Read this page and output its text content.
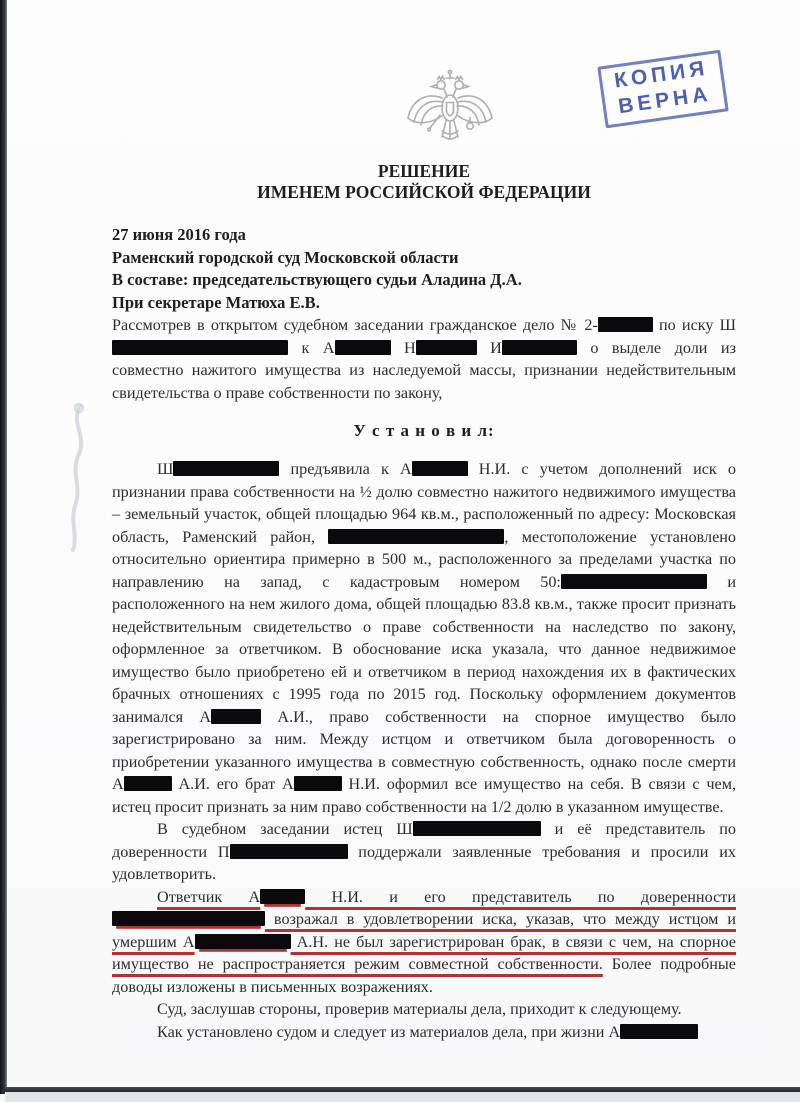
КОПИЯ
ВЕРНА
РЕШЕНИЕ
ИМЕНЕМ РОССИЙСКОЙ ФЕДЕРАЦИИ

27 июня 2016 года

Раменский городской суд Московской области

В составе: председательствующего судьи Аладина Д.А.

При секретаре Матюха Е.В.

Рассмотрев в открытом судебном заседании гражданское дело № 2-	по иску Ш к А	Н	И	о выделе доли из совместно нажитого имущества из наследуемой массы, признании недействительным свидетельства о праве собственности по закону,

У с т а н о в и л:

Ш	предъявила к А	Н.И. с учетом дополнений иск о признании права собственности на ½ долю совместно нажитого недвижимого имущества – земельный участок, общей площадью 964 кв.м., расположенный по адресу: Московская область, Раменский район,	, местоположение установлено относительно ориентира примерно в 500 м., расположенного за пределами участка по направлению на запад, с кадастровым номером 50:	и расположенного на нем жилого дома, общей площадью 83.8 кв.м., также просит признать недействительным свидетельство о праве собственности на наследство по закону, оформленное за ответчиком. В обоснование иска указала, что данное недвижимое имущество было приобретено ей и ответчиком в период нахождения их в фактических брачных отношениях с 1995 года по 2015 год. Поскольку оформлением документов занимался А	А.И., право собственности на спорное имущество было зарегистрировано за ним. Между истцом и ответчиком была договоренность о приобретении указанного имущества в совместную собственность, однако после смерти А	А.И. его брат А	Н.И. оформил все имущество на себя. В связи с чем, истец просит признать за ним право собственности на 1/2 долю в указанном имуществе.

В судебном заседании истец Ш	и её представитель по доверенности П	поддержали заявленные требования и просили их удовлетворить.

Ответчик А	Н.И. и его представитель по доверенности  возражал в удовлетворении иска, указав, что между истцом и умершим А	А.Н. не был зарегистрирован брак, в связи с чем, на спорное имущество не распространяется режим совместной собственности. Более подробные доводы изложены в письменных возражениях.

Суд, заслушав стороны, проверив материалы дела, приходит к следующему.

Как установлено судом и следует из материалов дела, при жизни А
